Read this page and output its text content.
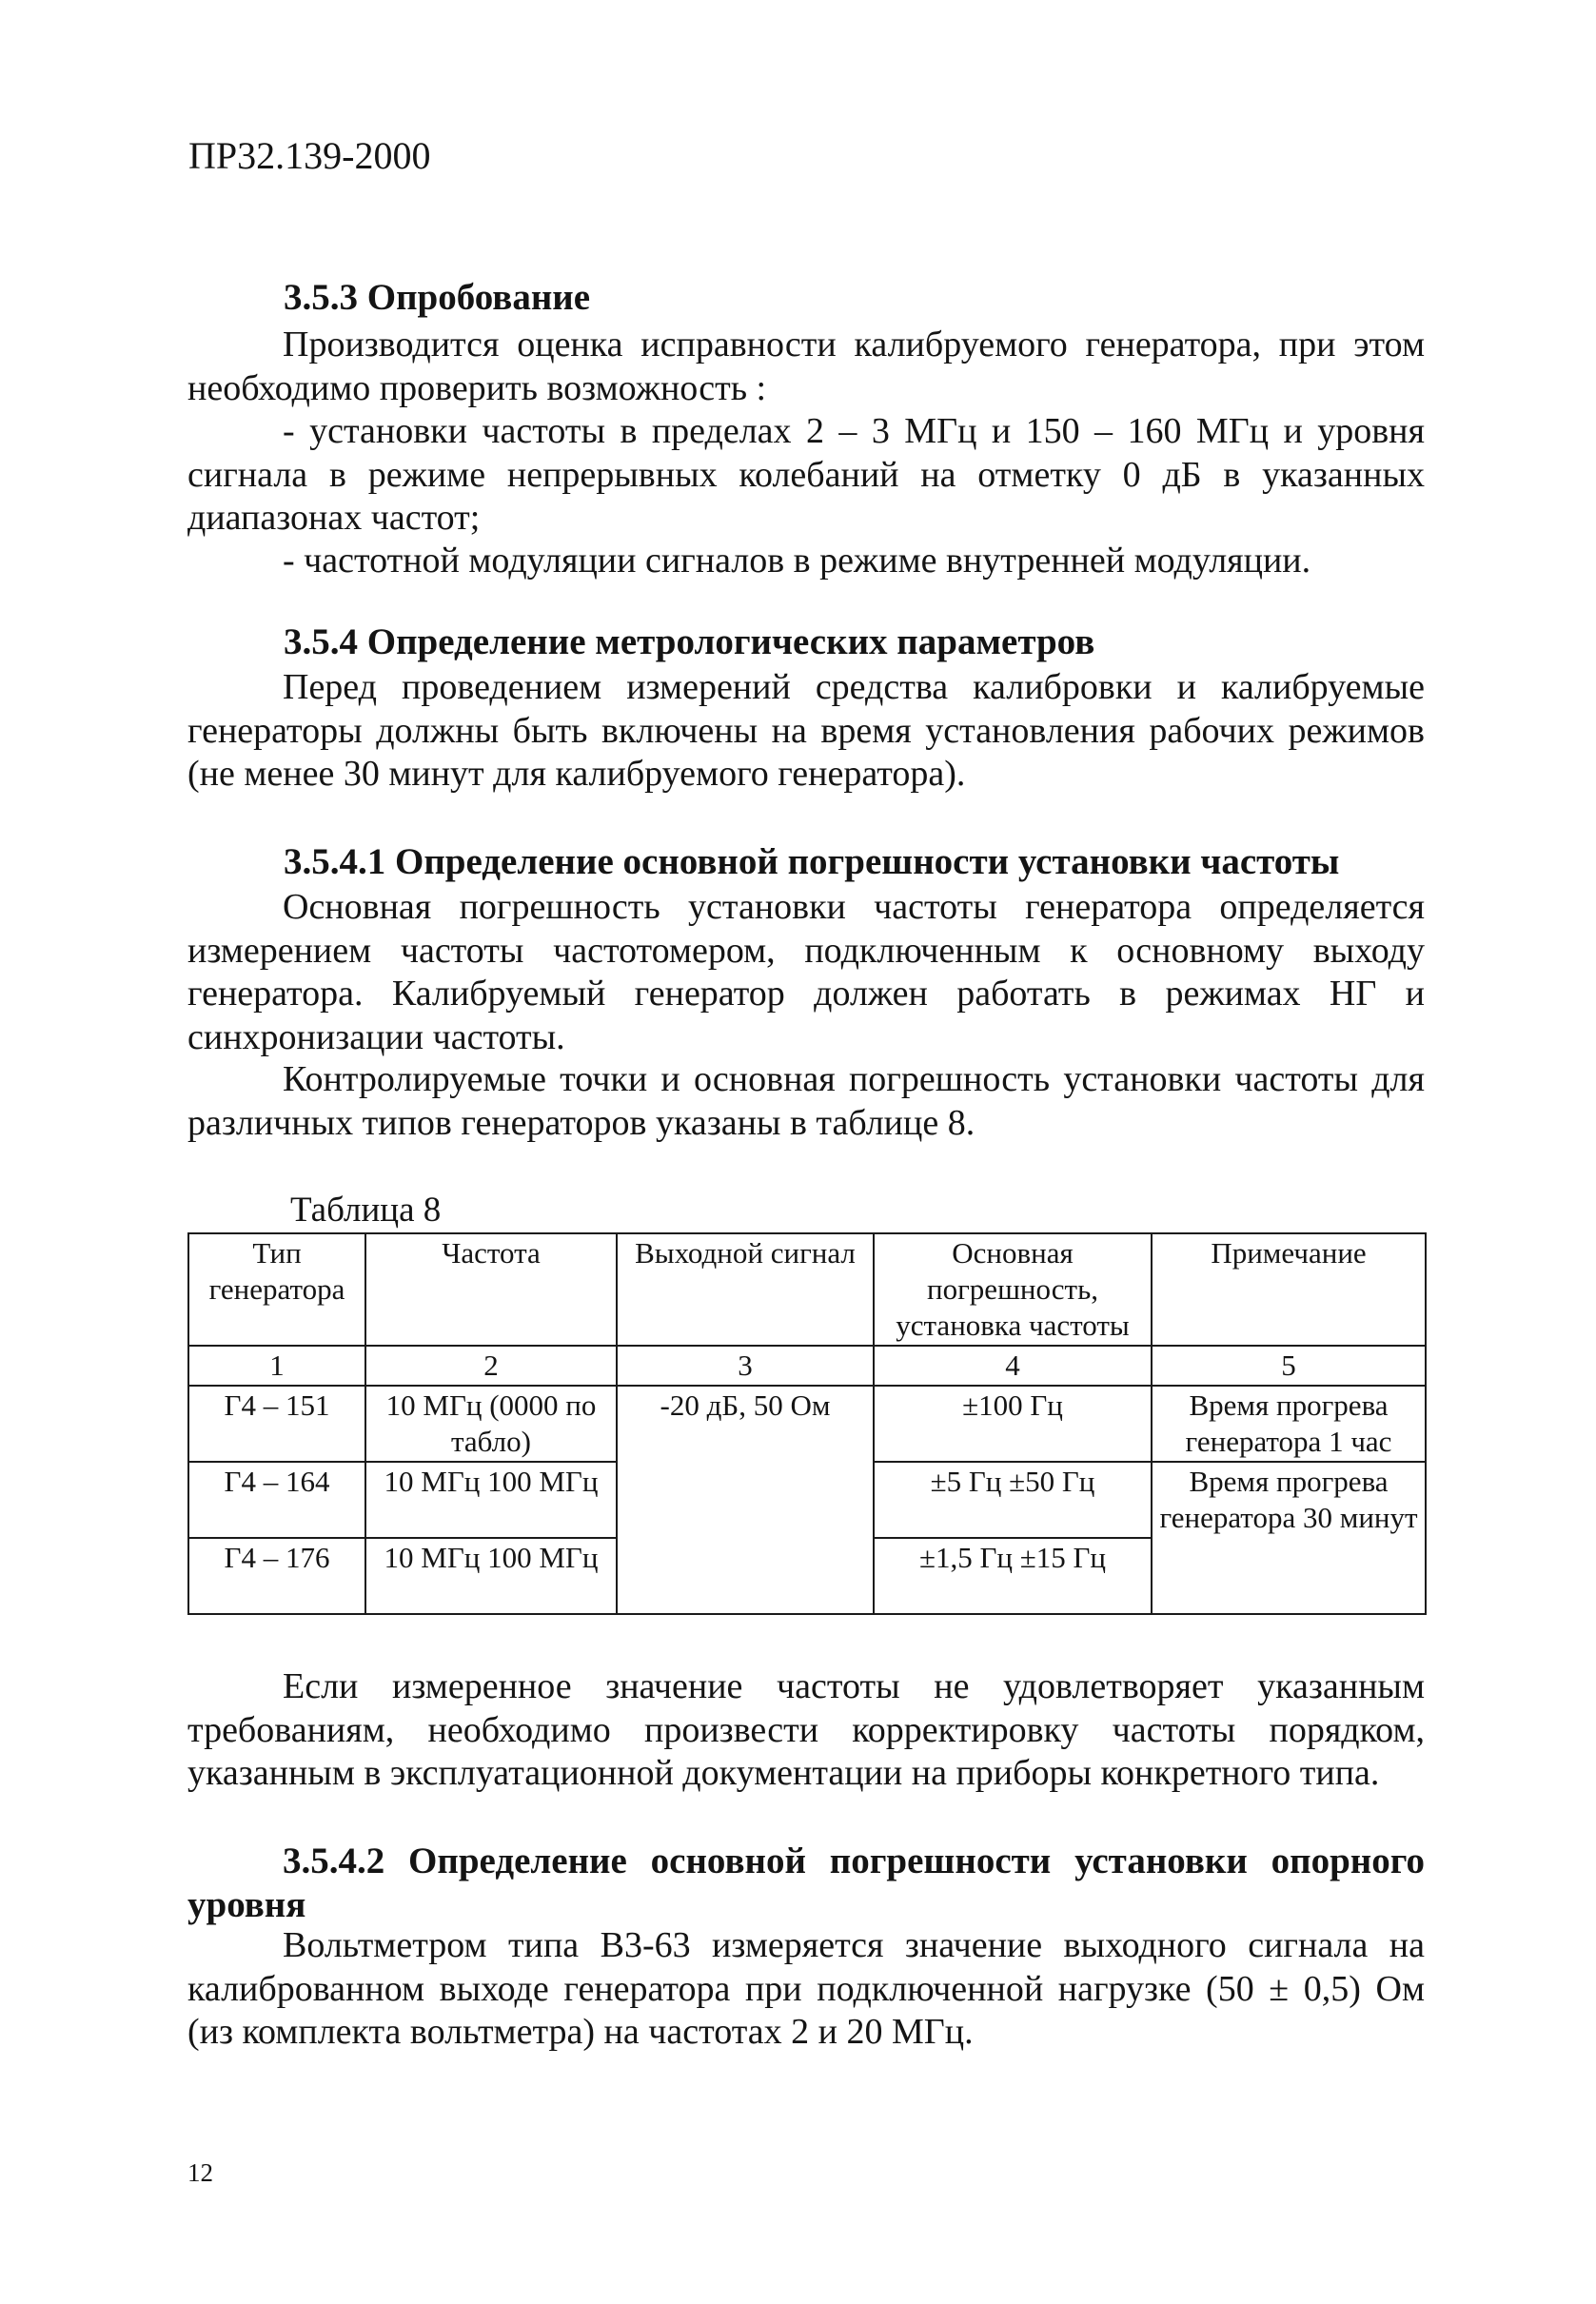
ПР32.139-2000
3.5.3 Опробование
Производится оценка исправности калибруемого генератора, при этом необходимо проверить возможность :
- установки частоты в пределах 2 – 3 МГц и 150 – 160 МГц и уровня сигнала в режиме непрерывных колебаний на отметку 0 дБ в указанных диапазонах частот;
- частотной модуляции сигналов в режиме внутренней модуляции.
3.5.4 Определение метрологических параметров
Перед проведением измерений средства калибровки и калибруемые генераторы должны быть включены на время установления рабочих режимов (не менее 30 минут для калибруемого генератора).
3.5.4.1 Определение основной погрешности установки частоты
Основная погрешность установки частоты генератора определяется измерением частоты частотомером, подключенным к основному выходу генератора. Калибруемый генератор должен работать в режимах НГ и синхронизации частоты.
Контролируемые точки и основная погрешность установки частоты для различных типов генераторов указаны в таблице 8.
Таблица 8
Тип генератора	Частота	Выходной сигнал	Основная погрешность, установка частоты	Примечание
1	2	3	4	5
Г4 – 151	10 МГц (0000 по табло)	-20 дБ, 50 Ом	±100 Гц	Время прогрева генератора 1 час
Г4 – 164	10 МГц 100 МГц		±5 Гц ±50 Гц	Время прогрева генератора 30 минут
Г4 – 176	10 МГц 100 МГц		±1,5 Гц ±15 Гц	
Если измеренное значение частоты не удовлетворяет указанным требованиям, необходимо произвести корректировку частоты порядком, указанным в эксплуатационной документации на приборы конкретного типа.
3.5.4.2 Определение основной погрешности установки опорного уровня
Вольтметром типа В3-63 измеряется значение выходного сигнала на калиброванном выходе генератора при подключенной нагрузке (50 ± 0,5) Ом (из комплекта вольтметра) на частотах 2 и 20 МГц.
12
